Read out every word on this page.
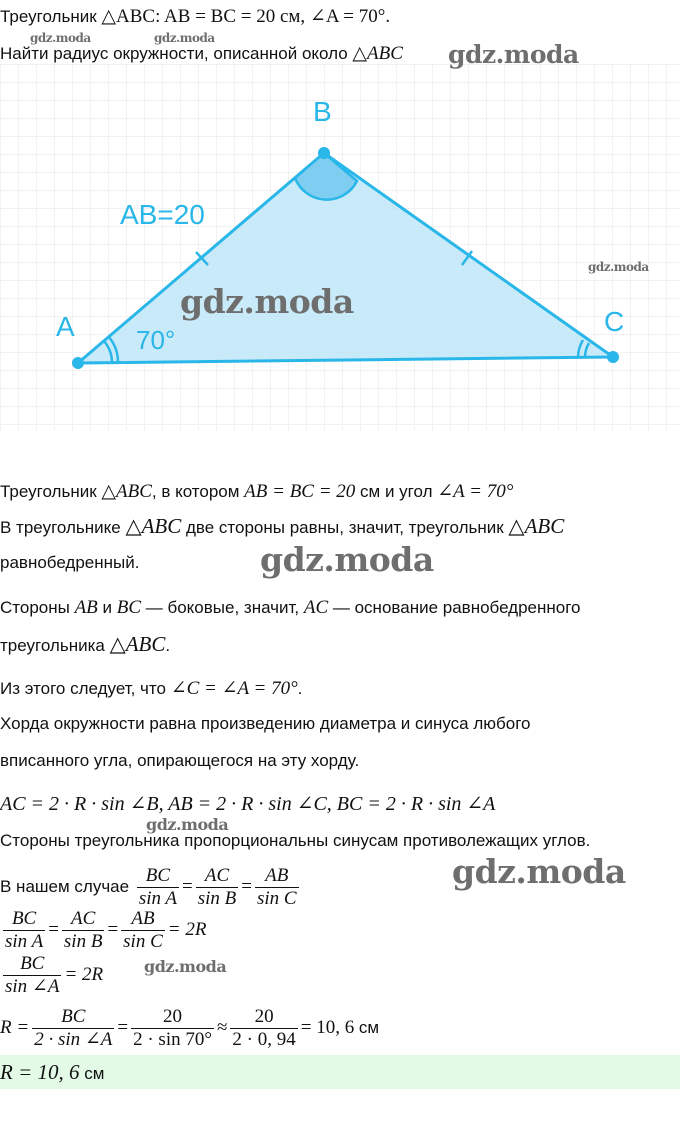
Треугольник △ABC: AB = BC = 20 см, ∠A = 70°.
Найти радиус окружности, описанной около △ABC
A
B
C
AB=20
70°
Треугольник △ABC, в котором AB = BC = 20 см и угол ∠A = 70°
В треугольнике △ABC две стороны равны, значит, треугольник △ABC
равнобедренный.
Стороны AB и BC — боковые, значит, AC — основание равнобедренного
треугольника △ABC.
Из этого следует, что ∠C = ∠A = 70°.
Хорда окружности равна произведению диаметра и синуса любого
вписанного угла, опирающегося на эту хорду.
AC = 2 · R · sin ∠B, AB = 2 · R · sin ∠C, BC = 2 · R · sin ∠A
Стороны треугольника пропорциональны синусам противолежащих углов.
В нашем случае $\frac{BC}{\text{sin A}} = \frac{AC}{\text{sin B}} = \frac{AB}{\text{sin C}}$
$\frac{BC}{\text{sin A}} = \frac{AC}{\text{sin B}} = \frac{AB}{\text{sin C}} = 2R$
$\frac{BC}{\sin \angle A} = 2R$
$R = \frac{BC}{2 \cdot \sin \angle A} = \frac{20}{2 \cdot \sin 70^\circ} \approx \frac{20}{2 \cdot 0, 94} = 10$, 6 см
R = 10, 6 см
gdz.moda	gdz.moda
gdz.moda
gdz.moda
gdz.moda
gdz.moda
gdz.moda
gdz.moda
gdz.moda
